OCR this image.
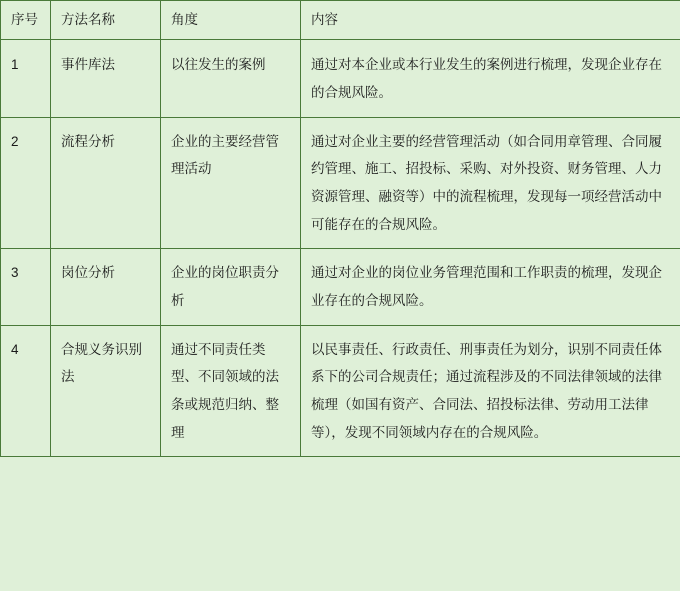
序号	方法名称	角度	内容
1	事件库法	以往发生的案例	通过对本企业或本行业发生的案例进行梳理，发现企业存在的合规风险。
2	流程分析	企业的主要经营管理活动	通过对企业主要的经营管理活动（如合同用章管理、合同履约管理、施工、招投标、采购、对外投资、财务管理、人力资源管理、融资等）中的流程梳理，发现每一项经营活动中可能存在的合规风险。
3	岗位分析	企业的岗位职责分析	通过对企业的岗位业务管理范围和工作职责的梳理，发现企业存在的合规风险。
4	合规义务识别法	通过不同责任类型、不同领域的法条或规范归纳、整理	以民事责任、行政责任、刑事责任为划分，识别不同责任体系下的公司合规责任；通过流程涉及的不同法律领域的法律梳理（如国有资产、合同法、招投标法律、劳动用工法律等），发现不同领域内存在的合规风险。
